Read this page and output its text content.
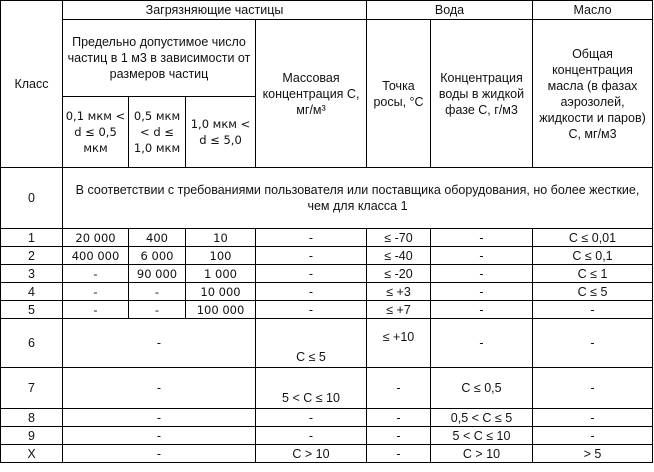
Класс	Загрязняющие частицы				Вода		Масло
	Предельно допустимое число частиц в 1 м3 в зависимости от размеров частиц			Массовая концентрация С, мг/м³	Точка росы, °С	Концентрация воды в жидкой фазе С, г/м3	Общая концентрация масла (в фазах аэрозолей, жидкости и паров) С, мг/м3
	0,1 мкм < d ≤ 0,5 мкм	0,5 мкм < d ≤ 1,0 мкм	1,0 мкм < d ≤ 5,0				
0	В соответствии с требованиями пользователя или поставщика оборудования, но более жесткие, чем для класса 1						
1	20 000	400	10	-	≤ -70	-	С ≤ 0,01
2	400 000	6 000	100	-	≤ -40	-	С ≤ 0,1
3	-	90 000	1 000	-	≤ -20	-	С ≤ 1
4	-	-	10 000	-	≤ +3	-	С ≤ 5
5	-	-	100 000	-	≤ +7	-	-
6	-			С ≤ 5	≤ +10	-	-
7	-			5 < С ≤ 10	-	С ≤ 0,5	-
8	-			-	-	0,5 < С ≤ 5	-
9	-			-	-	5 < С ≤ 10	-
X	-			С > 10	-	С > 10	> 5
